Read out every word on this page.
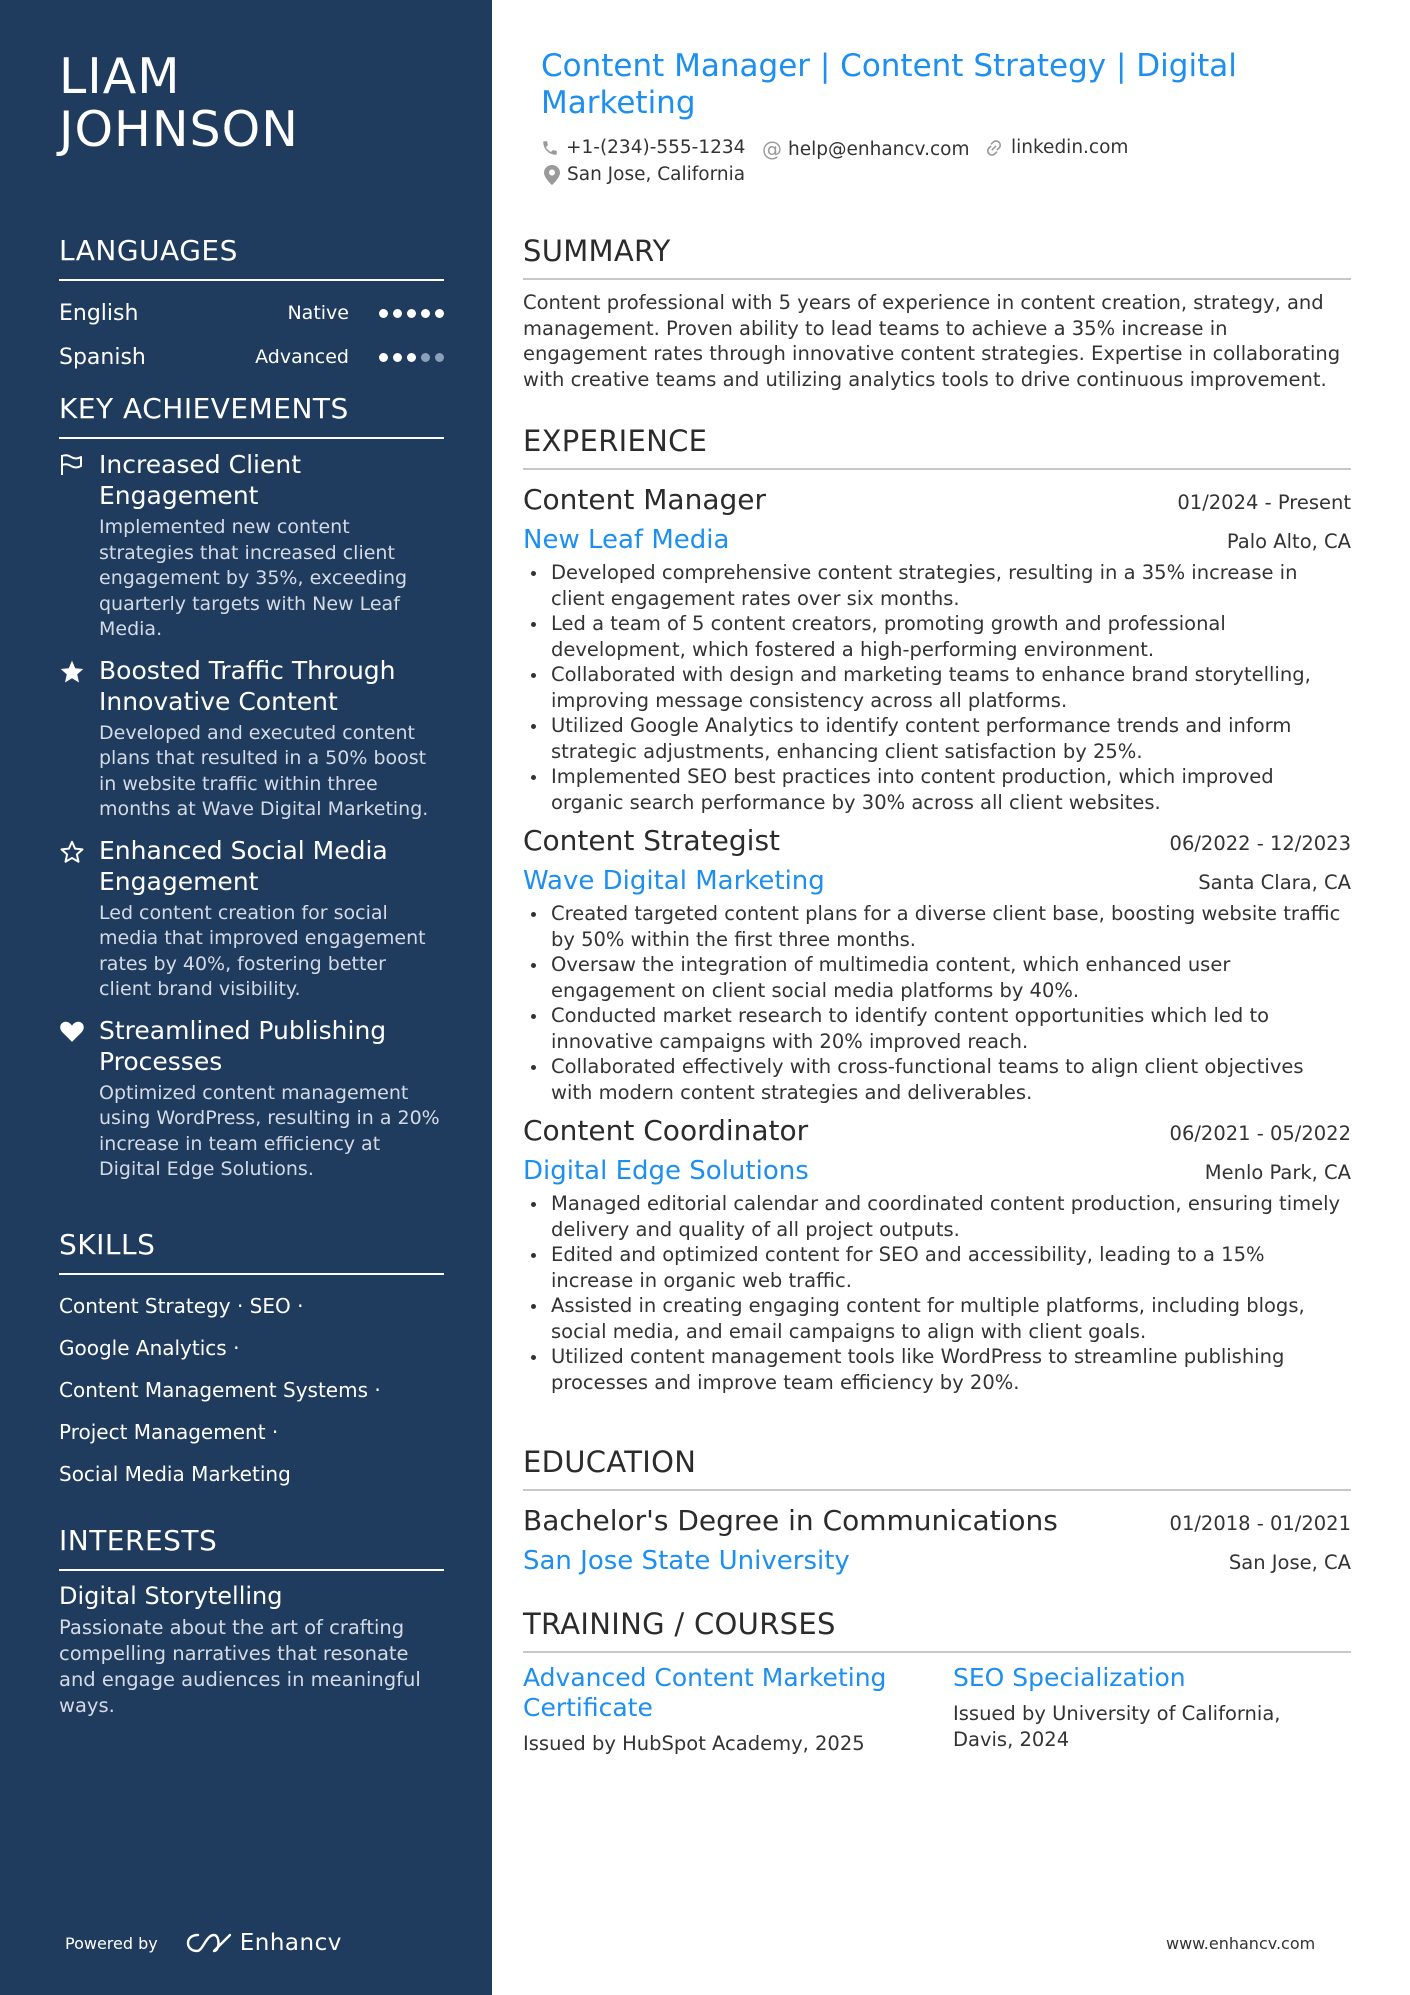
LIAM
JOHNSON
LANGUAGES
English	Native
Spanish	Advanced
KEY ACHIEVEMENTS
Increased Client Engagement
Implemented new content strategies that increased client engagement by 35%, exceeding quarterly targets with New Leaf Media.
Boosted Traffic Through Innovative Content
Developed and executed content plans that resulted in a 50% boost in website traffic within three months at Wave Digital Marketing.
Enhanced Social Media Engagement
Led content creation for social media that improved engagement rates by 40%, fostering better client brand visibility.
Streamlined Publishing Processes
Optimized content management using WordPress, resulting in a 20% increase in team efficiency at Digital Edge Solutions.
SKILLS
Content Strategy · SEO ·
Google Analytics ·
Content Management Systems ·
Project Management ·
Social Media Marketing
INTERESTS
Digital Storytelling
Passionate about the art of crafting compelling narratives that resonate and engage audiences in meaningful ways.
Powered by	Enhancv
Content Manager | Content Strategy | Digital Marketing
+1-(234)-555-1234 @ help@enhancv.com linkedin.com
San Jose, California
SUMMARY
Content professional with 5 years of experience in content creation, strategy, and management. Proven ability to lead teams to achieve a 35% increase in engagement rates through innovative content strategies. Expertise in collaborating with creative teams and utilizing analytics tools to drive continuous improvement.
EXPERIENCE
Content Manager	01/2024 - Present
New Leaf Media	Palo Alto, CA
Developed comprehensive content strategies, resulting in a 35% increase in client engagement rates over six months.
Led a team of 5 content creators, promoting growth and professional development, which fostered a high-performing environment.
Collaborated with design and marketing teams to enhance brand storytelling, improving message consistency across all platforms.
Utilized Google Analytics to identify content performance trends and inform strategic adjustments, enhancing client satisfaction by 25%.
Implemented SEO best practices into content production, which improved organic search performance by 30% across all client websites.
Content Strategist	06/2022 - 12/2023
Wave Digital Marketing	Santa Clara, CA
Created targeted content plans for a diverse client base, boosting website traffic by 50% within the first three months.
Oversaw the integration of multimedia content, which enhanced user engagement on client social media platforms by 40%.
Conducted market research to identify content opportunities which led to innovative campaigns with 20% improved reach.
Collaborated effectively with cross-functional teams to align client objectives with modern content strategies and deliverables.
Content Coordinator	06/2021 - 05/2022
Digital Edge Solutions	Menlo Park, CA
Managed editorial calendar and coordinated content production, ensuring timely delivery and quality of all project outputs.
Edited and optimized content for SEO and accessibility, leading to a 15% increase in organic web traffic.
Assisted in creating engaging content for multiple platforms, including blogs, social media, and email campaigns to align with client goals.
Utilized content management tools like WordPress to streamline publishing processes and improve team efficiency by 20%.
EDUCATION
Bachelor's Degree in Communications	01/2018 - 01/2021
San Jose State University	San Jose, CA
TRAINING / COURSES
Advanced Content Marketing Certificate
Issued by HubSpot Academy, 2025
SEO Specialization
Issued by University of California, Davis, 2024
www.enhancv.com
